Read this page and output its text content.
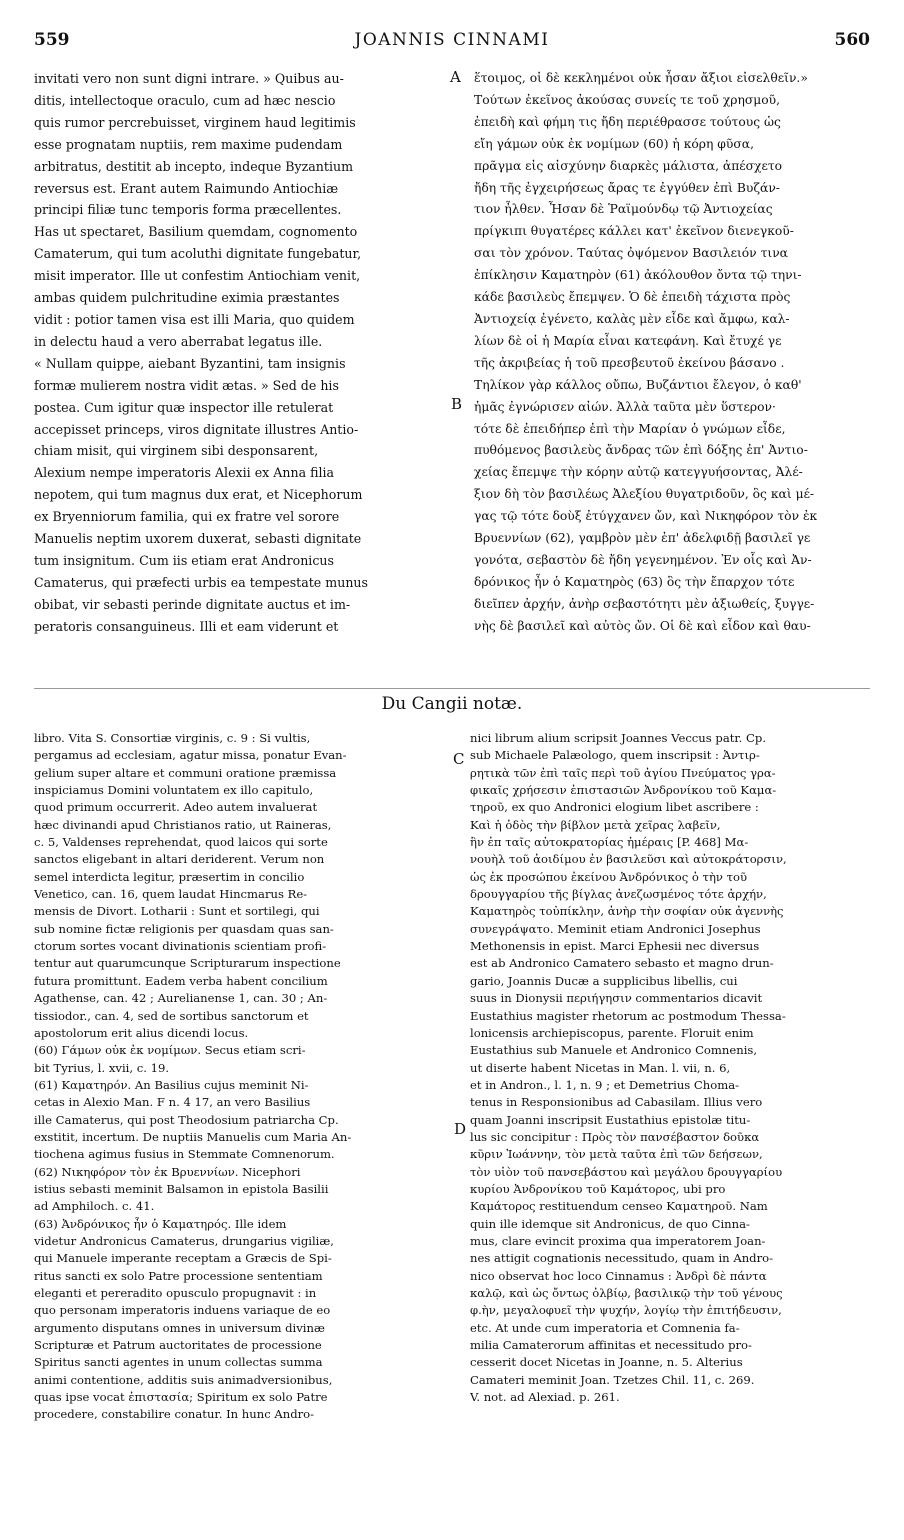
559	JOANNIS CINNAMI	560

invitati vero non sunt digni intrare. » Quibus au-

ditis, intellectoque oraculo, cum ad hæc nescio

quis rumor percrebuisset, virginem haud legitimis

esse prognatam nuptiis, rem maxime pudendam

arbitratus, destitit ab incepto, indeque Byzantium

reversus est. Erant autem Raimundo Antiochiæ

principi filiæ tunc temporis forma præcellentes.

Has ut spectaret, Basilium quemdam, cognomento

Camaterum, qui tum acoluthi dignitate fungebatur,

misit imperator. Ille ut confestim Antiochiam venit,

ambas quidem pulchritudine eximia præstantes

vidit : potior tamen visa est illi Maria, quo quidem

in delectu haud a vero aberrabat legatus ille.

« Nullam quippe, aiebant Byzantini, tam insignis

formæ mulierem nostra vidit ætas. » Sed de his

postea. Cum igitur quæ inspector ille retulerat

accepisset princeps, viros dignitate illustres Antio-

chiam misit, qui virginem sibi desponsarent,

Alexium nempe imperatoris Alexii ex Anna filia

nepotem, qui tum magnus dux erat, et Nicephorum

ex Bryenniorum familia, qui ex fratre vel sorore

Manuelis neptim uxorem duxerat, sebasti dignitate

tum insignitum. Cum iis etiam erat Andronicus

Camaterus, qui præfecti urbis ea tempestate munus

obibat, vir sebasti perinde dignitate auctus et im-

peratoris consanguineus. Illi et eam viderunt et

ἕτοιμος, οἱ δὲ κεκλημένοι οὐκ ἦσαν ἄξιοι εἰσελθεῖν.»

Τούτων ἐκεῖνος ἀκούσας συνείς τε τοῦ χρησμοῦ,

ἐπειδὴ καὶ φήμη τις ἤδη περιέθρασσε τούτους ὡς

εἴη γάμων οὐκ ἐκ νομίμων (60) ἡ κόρη φῦσα,

πρᾶγμα εἰς αἰσχύνην διαρκὲς μάλιστα, ἀπέσχετο

ἤδη τῆς ἐγχειρήσεως ἄρας τε ἐγγύθεν ἐπὶ Βυζάν-

τιον ἦλθεν. Ἦσαν δὲ Ῥαϊμούνδῳ τῷ Ἀντιοχείας

πρίγκιπι θυγατέρες κάλλει κατ' ἐκεῖνον διενεγκοῦ-

σαι τὸν χρόνον. Ταύτας ὀψόμενον Βασιλειόν τινα

ἐπίκλησιν Καματηρὸν (61) ἀκόλουθον ὄντα τῷ τηνι-

κάδε βασιλεὺς ἔπεμψεν. Ὁ δὲ ἐπειδὴ τάχιστα πρὸς

Ἀντιοχείᾳ ἐγένετο, καλὰς μὲν εἶδε καὶ ἄμφω, καλ-

λίων δὲ οἱ ἡ Μαρία εἶναι κατεφάνη. Καὶ ἔτυχέ γε

τῆς ἀκριβείας ἡ τοῦ πρεσβευτοῦ ἐκείνου βάσανο .

Τηλίκον γὰρ κάλλος οὔπω, Βυζάντιοι ἔλεγον, ὁ καθ'

ἡμᾶς ἐγνώρισεν αἰών. Ἀλλὰ ταῦτα μὲν ὕστερον·

τότε δὲ ἐπειδήπερ ἐπὶ τὴν Μαρίαν ὁ γνώμων εἶδε,

πυθόμενος βασιλεὺς ἄνδρας τῶν ἐπὶ δόξης ἐπ' Ἀντιο-

χείας ἔπεμψε τὴν κόρην αὐτῷ κατεγγυήσοντας, Ἀλέ-

ξιον δὴ τὸν βασιλέως Ἀλεξίου θυγατριδοῦν, ὃς καὶ μέ-

γας τῷ τότε δοὺξ ἐτύγχανεν ὤν, καὶ Νικηφόρον τὸν ἐκ

Βρυεννίων (62), γαμβρὸν μὲν ἐπ' ἀδελφιδῇ βασιλεῖ γε

γονότα, σεβαστὸν δὲ ἤδη γεγενημένον. Ἐν οἷς καὶ Ἀν-

δρόνικος ἦν ὁ Καματηρὸς (63) ὃς τὴν ἔπαρχον τότε

διεῖπεν ἀρχήν, ἀνὴρ σεβαστότητι μὲν ἀξιωθείς, ξυγγε-

νὴς δὲ βασιλεῖ καὶ αὐτὸς ὤν. Οἱ δὲ καὶ εἶδον καὶ θαυ-

A
B
C
D
Du Cangii notæ.

libro. Vita S. Consortiæ virginis, c. 9 : Si vultis,

pergamus ad ecclesiam, agatur missa, ponatur Evan-

gelium super altare et communi oratione præmissa

inspiciamus Domini voluntatem ex illo capitulo,

quod primum occurrerit. Adeo autem invaluerat

hæc divinandi apud Christianos ratio, ut Raineras,

c. 5, Valdenses reprehendat, quod laicos qui sorte

sanctos eligebant in altari deriderent. Verum non

semel interdicta legitur, præsertim in concilio

Venetico, can. 16, quem laudat Hincmarus Re-

mensis de Divort. Lotharii : Sunt et sortilegi, qui

sub nomine fictæ religionis per quasdam quas san-

ctorum sortes vocant divinationis scientiam profi-

tentur aut quarumcunque Scripturarum inspectione

futura promittunt. Eadem verba habent concilium

Agathense, can. 42 ; Aurelianense 1, can. 30 ; An-

tissiodor., can. 4, sed de sortibus sanctorum et

apostolorum erit alius dicendi locus.

(60) Γάμων οὐκ ἐκ νομίμων. Secus etiam scri-

bit Tyrius, l. xvii, c. 19.

(61) Καματηρόν. An Basilius cujus meminit Ni-

cetas in Alexio Man. F n. 4 17, an vero Basilius

ille Camaterus, qui post Theodosium patriarcha Cp.

exstitit, incertum. De nuptiis Manuelis cum Maria An-

tiochena agimus fusius in Stemmate Comnenorum.

(62) Νικηφόρον τὸν ἐκ Βρυεννίων. Nicephori

istius sebasti meminit Balsamon in epistola Basilii

ad Amphiloch. c. 41.

(63) Ἀνδρόνικος ἦν ὁ Καματηρός. Ille idem

videtur Andronicus Camaterus, drungarius vigiliæ,

qui Manuele imperante receptam a Græcis de Spi-

ritus sancti ex solo Patre processione sententiam

eleganti et pereradito opusculo propugnavit : in

quo personam imperatoris induens variaque de eo

argumento disputans omnes in universum divinæ

Scripturæ et Patrum auctoritates de processione

Spiritus sancti agentes in unum collectas summa

animi contentione, additis suis animadversionibus,

quas ipse vocat ἐπιστασία; Spiritum ex solo Patre

procedere, constabilire conatur. In hunc Andro-

nici librum alium scripsit Joannes Veccus patr. Cp.

sub Michaele Palæologo, quem inscripsit : Ἀντιρ-

ρητικὰ τῶν ἐπὶ ταῖς περὶ τοῦ ἁγίου Πνεύματος γρα-

φικαῖς χρήσεσιν ἐπιστασιῶν Ἀνδρονίκου τοῦ Καμα-

τηροῦ, ex quo Andronici elogium libet ascribere :

Καὶ ἡ ὁδὸς τὴν βίβλον μετὰ χεῖρας λαβεῖν,

ἣν ἐπ ταῖς αὐτοκρατορίας ἡμέραις [P. 468] Μα-

νουὴλ τοῦ ἀοιδίμου ἐν βασιλεῦσι καὶ αὐτοκράτορσιν,

ὡς ἐκ προσώπου ἐκείνου Ἀνδρόνικος ὁ τὴν τοῦ

δρουγγαρίου τῆς βίγλας ἀνεζωσμένος τότε ἀρχήν,

Καματηρὸς τοὐπίκλην, ἀνὴρ τὴν σοφίαν οὐκ ἀγεννὴς

συνεγράψατο. Meminit etiam Andronici Josephus

Methonensis in epist. Marci Ephesii nec diversus

est ab Andronico Camatero sebasto et magno drun-

gario, Joannis Ducæ a supplicibus libellis, cui

suus in Dionysii περιήγησιν commentarios dicavit

Eustathius magister rhetorum ac postmodum Thessa-

lonicensis archiepiscopus, parente. Floruit enim

Eustathius sub Manuele et Andronico Comnenis,

ut diserte habent Nicetas in Man. l. vii, n. 6,

et in Andron., l. 1, n. 9 ; et Demetrius Choma-

tenus in Responsionibus ad Cabasilam. Illius vero

quam Joanni inscripsit Eustathius epistolæ titu-

lus sic concipitur : Πρὸς τὸν πανσέβαστον δοῦκα

κῦριν Ἰωάννην, τὸν μετὰ ταῦτα ἐπὶ τῶν δεήσεων,

τὸν υἱὸν τοῦ πανσεβάστου καὶ μεγάλου δρουγγαρίου

κυρίου Ἀνδρονίκου τοῦ Καμάτορος, ubi pro

Καμάτορος restituendum censeo Καματηροῦ. Nam

quin ille idemque sit Andronicus, de quo Cinna-

mus, clare evincit proxima qua imperatorem Joan-

nes attigit cognationis necessitudo, quam in Andro-

nico observat hoc loco Cinnamus : Ἀνδρὶ δὲ πάντα

καλῷ, καὶ ὡς ὄντως ὀλβίῳ, βασιλικῷ τὴν τοῦ γένους

φ.ὴν, μεγαλοφυεῖ τὴν ψυχήν, λογίῳ τὴν ἐπιτήδευσιν,

etc. At unde cum imperatoria et Comnenia fa-

milia Camaterorum affinitas et necessitudo pro-

cesserit docet Nicetas in Joanne, n. 5. Alterius

Camateri meminit Joan. Tzetzes Chil. 11, c. 269.

V. not. ad Alexiad. p. 261.
